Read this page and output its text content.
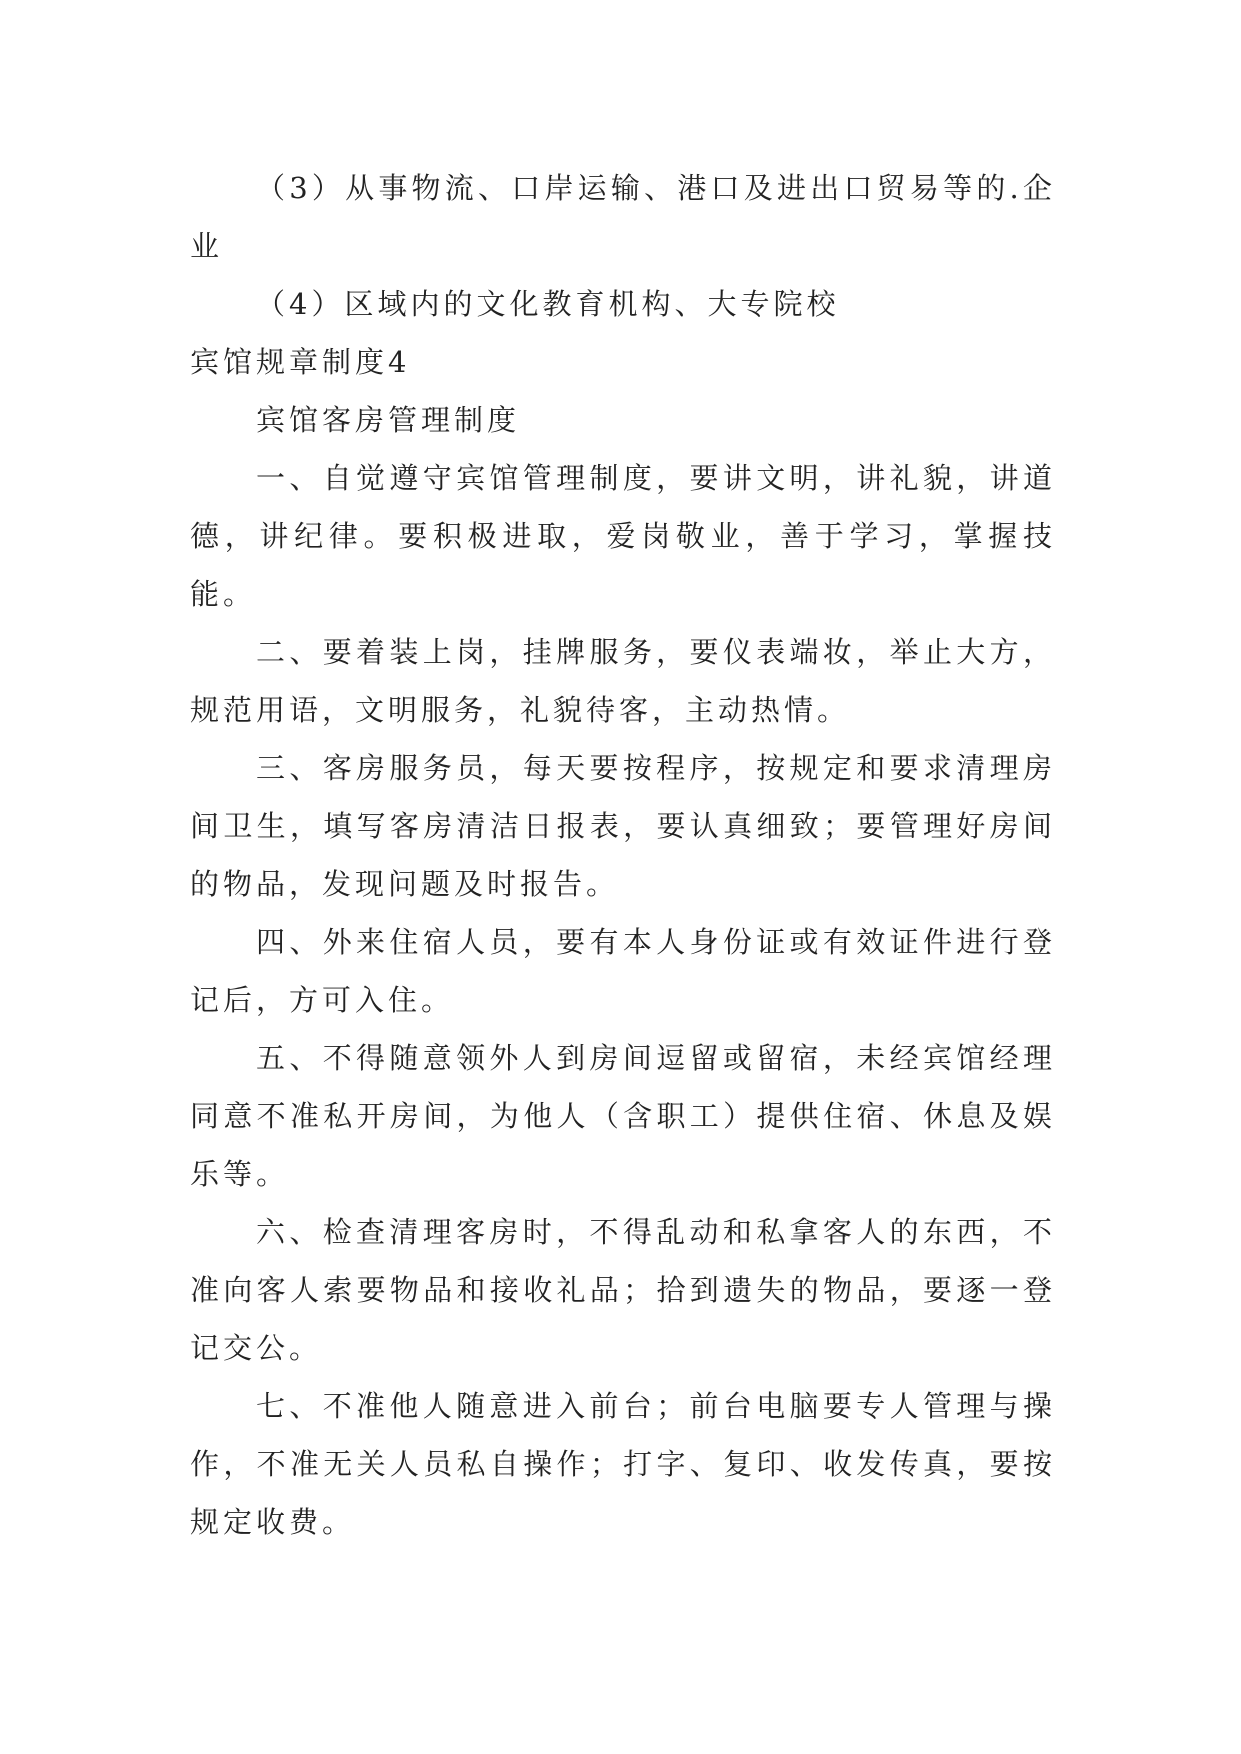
（3）从事物流、口岸运输、港口及进出口贸易等的.企业

（4）区域内的文化教育机构、大专院校

宾馆规章制度4

宾馆客房管理制度

一、自觉遵守宾馆管理制度，要讲文明，讲礼貌，讲道德，讲纪律。要积极进取，爱岗敬业，善于学习，掌握技能。

二、要着装上岗，挂牌服务，要仪表端妆，举止大方，规范用语，文明服务，礼貌待客，主动热情。

三、客房服务员，每天要按程序，按规定和要求清理房间卫生，填写客房清洁日报表，要认真细致；要管理好房间的物品，发现问题及时报告。

四、外来住宿人员，要有本人身份证或有效证件进行登记后，方可入住。

五、不得随意领外人到房间逗留或留宿，未经宾馆经理同意不准私开房间，为他人（含职工）提供住宿、休息及娱乐等。

六、检查清理客房时，不得乱动和私拿客人的东西，不准向客人索要物品和接收礼品；拾到遗失的物品，要逐一登记交公。

七、不准他人随意进入前台；前台电脑要专人管理与操作，不准无关人员私自操作；打字、复印、收发传真，要按规定收费。
